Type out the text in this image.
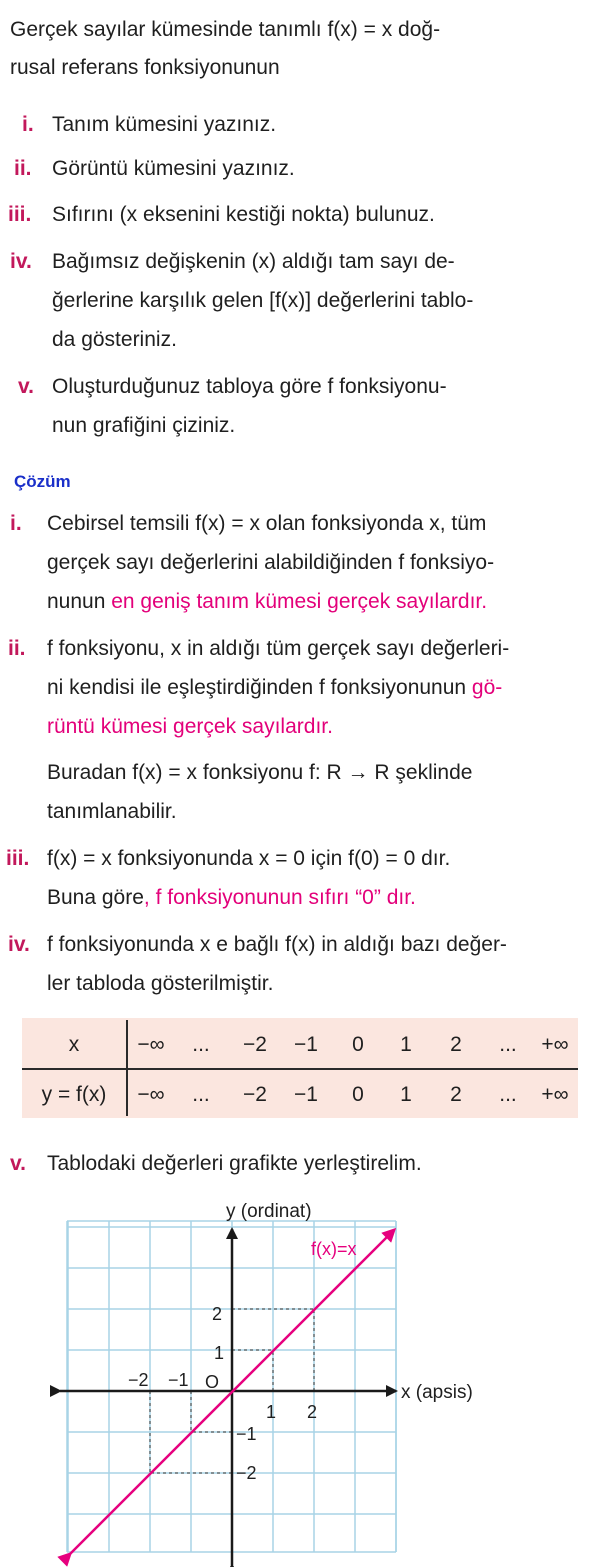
Gerçek sayılar kümesinde tanımlı f(x) = x doğ-
rusal referans fonksiyonunun
i. Tanım kümesini yazınız.
ii. Görüntü kümesini yazınız.
iii. Sıfırını (x eksenini kestiği nokta) bulunuz.
iv. Bağımsız değişkenin (x) aldığı tam sayı de-
ğerlerine karşılık gelen [f(x)] değerlerini tablo-
da gösteriniz.
v. Oluşturduğunuz tabloya göre f fonksiyonu-
nun grafiğini çiziniz.
Çözüm
i. Cebirsel temsili f(x) = x olan fonksiyonda x, tüm
gerçek sayı değerlerini alabildiğinden f fonksiyo-
nunun en geniş tanım kümesi gerçek sayılardır.
ii. f fonksiyonu, x in aldığı tüm gerçek sayı değerleri-
ni kendisi ile eşleştirdiğinden f fonksiyonunun gö-
rüntü kümesi gerçek sayılardır.
Buradan f(x) = x fonksiyonu f: R → R şeklinde
tanımlanabilir.
iii. f(x) = x fonksiyonunda x = 0 için f(0) = 0 dır.
Buna göre, f fonksiyonunun sıfırı “0” dır.
iv. f fonksiyonunda x e bağlı f(x) in aldığı bazı değer-
ler tabloda gösterilmiştir.
x	−∞	...	−2	−1	0	1	2	...	+∞
y = f(x)	−∞	...	−2	−1	0	1	2	...	+∞
v. Tablodaki değerleri grafikte yerleştirelim.
y (ordinat)
x (apsis)
f(x)=x
O
−2 −1
1 2
2
1
−1
−2
